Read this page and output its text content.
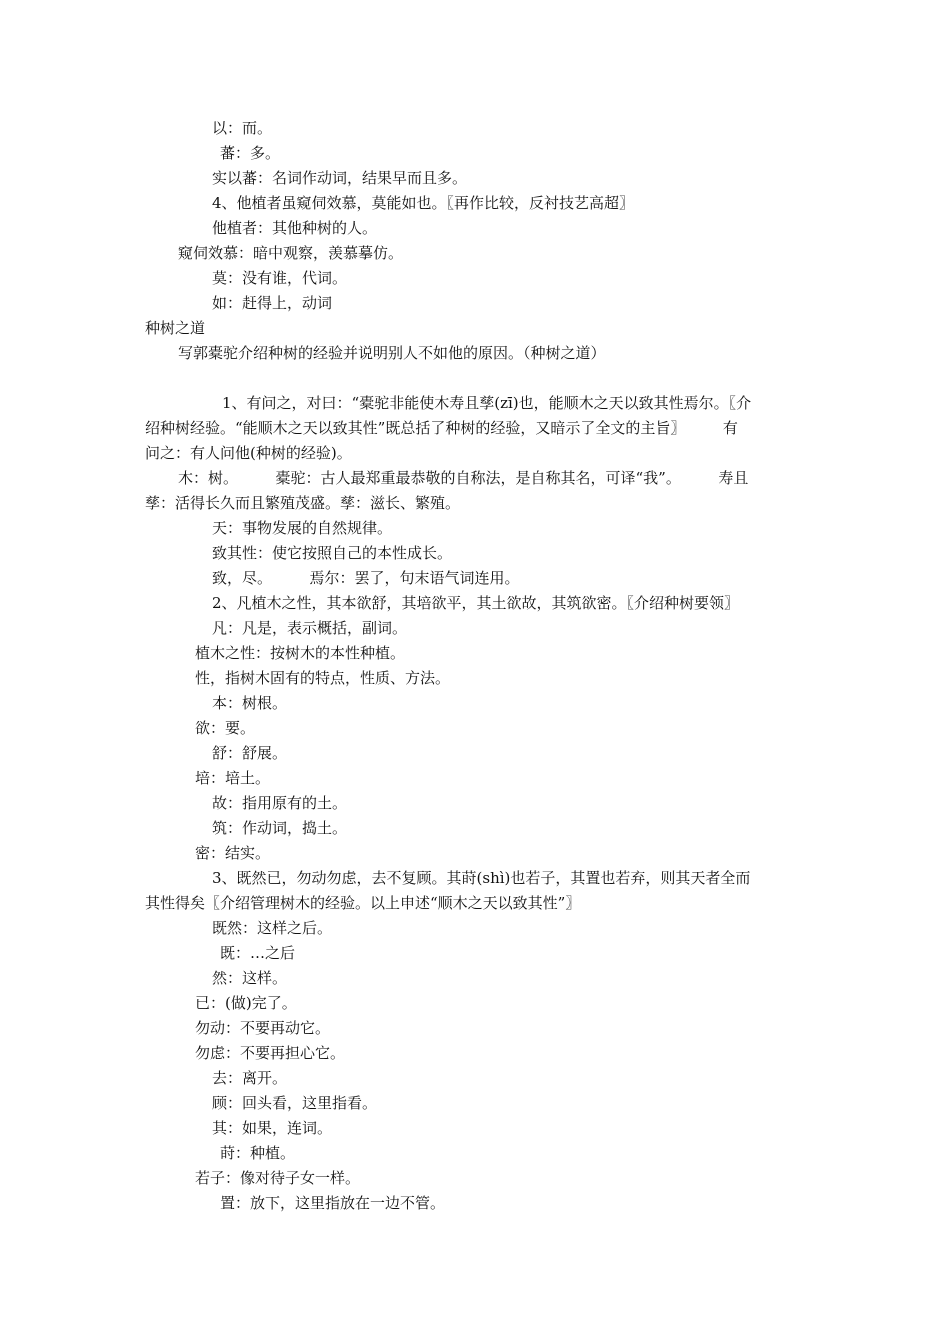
以：而。
蕃：多。
实以蕃：名词作动词，结果早而且多。
4、他植者虽窥伺效慕，莫能如也。〖再作比较，反衬技艺高超〗
他植者：其他种树的人。
窥伺效慕：暗中观察，羡慕摹仿。
莫：没有谁，代词。
如：赶得上，动词
种树之道
写郭橐驼介绍种树的经验并说明别人不如他的原因。（种树之道）
1、有问之，对曰：“橐驼非能使木寿且孳(zī)也，能顺木之天以致其性焉尔。〖介
绍种树经验。“能顺木之天以致其性”既总括了种树的经验，又暗示了全文的主旨〗　　　有
问之：有人问他(种树的经验)。
木：树。　　　橐驼：古人最郑重最恭敬的自称法，是自称其名，可译“我”。　　　寿且
孳：活得长久而且繁殖茂盛。孳：滋长、繁殖。
天：事物发展的自然规律。
致其性：使它按照自己的本性成长。
致，尽。　　　焉尔：罢了，句末语气词连用。
2、凡植木之性，其本欲舒，其培欲平，其土欲故，其筑欲密。〖介绍种树要领〗
凡：凡是，表示概括，副词。
植木之性：按树木的本性种植。
性，指树木固有的特点，性质、方法。
本：树根。
欲：要。
舒：舒展。
培：培土。
故：指用原有的土。
筑：作动词，捣土。
密：结实。
3、既然已，勿动勿虑，去不复顾。其莳(shì)也若子，其置也若弃，则其天者全而
其性得矣〖介绍管理树木的经验。以上申述“顺木之天以致其性”〗
既然：这样之后。
既：…之后
然：这样。
已：(做)完了。
勿动：不要再动它。
勿虑：不要再担心它。
去：离开。
顾：回头看，这里指看。
其：如果，连词。
莳：种植。
若子：像对待子女一样。
置：放下，这里指放在一边不管。
